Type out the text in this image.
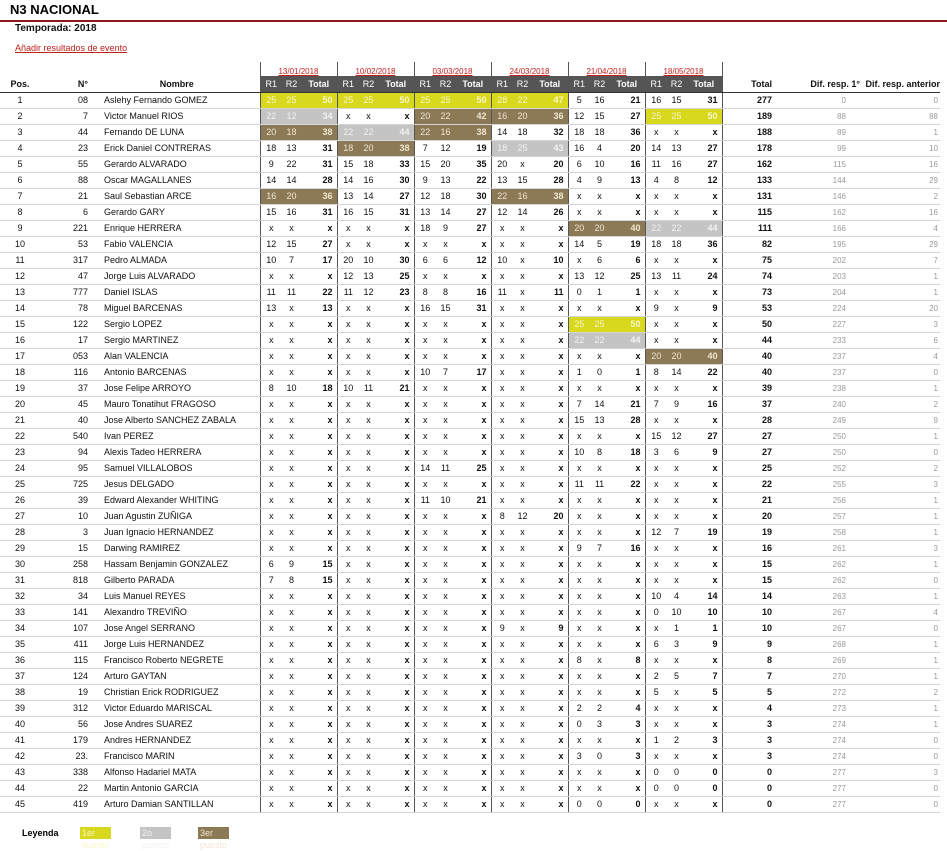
N3 NACIONAL
Temporada: 2018
Añadir resultados de evento
			13/01/2018			10/02/2018			03/03/2018			24/03/2018			21/04/2018			18/05/2018					
Pos.	N°	Nombre	R1	R2	Total	R1	R2	Total	R1	R2	Total	R1	R2	Total	R1	R2	Total	R1	R2	Total	Total	Dif. resp. 1°	Dif. resp. anterior
1	08	Aslehy Fernando GOMEZ	25	25	50	25	25	50	25	25	50	28	22	47	5	16	21	16	15	31	277	0	0
2	7	Victor Manuel RIOS	22	12	34	x	x	x	20	22	42	16	20	36	12	15	27	25	25	50	189	88	88
3	44	Fernando DE LUNA	20	18	38	22	22	44	22	16	38	14	18	32	18	18	36	x	x	x	188	89	1
4	23	Erick Daniel CONTRERAS	18	13	31	18	20	38	7	12	19	18	25	43	16	4	20	14	13	27	178	99	10
5	55	Gerardo ALVARADO	9	22	31	15	18	33	15	20	35	20	x	20	6	10	16	11	16	27	162	115	16
6	88	Oscar MAGALLANES	14	14	28	14	16	30	9	13	22	13	15	28	4	9	13	4	8	12	133	144	29
7	21	Saul Sebastian ARCE	16	20	36	13	14	27	12	18	30	22	16	38	x	x	x	x	x	x	131	146	2
8	6	Gerardo GARY	15	16	31	16	15	31	13	14	27	12	14	26	x	x	x	x	x	x	115	162	16
9	221	Enrique HERRERA	x	x	x	x	x	x	18	9	27	x	x	x	20	20	40	22	22	44	111	166	4
10	53	Fabio VALENCIA	12	15	27	x	x	x	x	x	x	x	x	x	14	5	19	18	18	36	82	195	29
11	317	Pedro ALMADA	10	7	17	20	10	30	6	6	12	10	x	10	x	6	6	x	x	x	75	202	7
12	47	Jorge Luis ALVARADO	x	x	x	12	13	25	x	x	x	x	x	x	13	12	25	13	11	24	74	203	1
13	777	Daniel ISLAS	11	11	22	11	12	23	8	8	16	11	x	11	0	1	1	x	x	x	73	204	1
14	78	Miguel BARCENAS	13	x	13	x	x	x	16	15	31	x	x	x	x	x	x	9	x	9	53	224	20
15	122	Sergio LOPEZ	x	x	x	x	x	x	x	x	x	x	x	x	25	25	50	x	x	x	50	227	3
16	17	Sergio MARTINEZ	x	x	x	x	x	x	x	x	x	x	x	x	22	22	44	x	x	x	44	233	6
17	053	Alan VALENCIA	x	x	x	x	x	x	x	x	x	x	x	x	x	x	x	20	20	40	40	237	4
18	116	Antonio BARCENAS	x	x	x	x	x	x	10	7	17	x	x	x	1	0	1	8	14	22	40	237	0
19	37	Jose Felipe ARROYO	8	10	18	10	11	21	x	x	x	x	x	x	x	x	x	x	x	x	39	238	1
20	45	Mauro Tonatihut FRAGOSO	x	x	x	x	x	x	x	x	x	x	x	x	7	14	21	7	9	16	37	240	2
21	40	Jose Alberto SANCHEZ ZABALA	x	x	x	x	x	x	x	x	x	x	x	x	15	13	28	x	x	x	28	249	9
22	540	Ivan PEREZ	x	x	x	x	x	x	x	x	x	x	x	x	x	x	x	15	12	27	27	250	1
23	94	Alexis Tadeo HERRERA	x	x	x	x	x	x	x	x	x	x	x	x	10	8	18	3	6	9	27	250	0
24	95	Samuel VILLALOBOS	x	x	x	x	x	x	14	11	25	x	x	x	x	x	x	x	x	x	25	252	2
25	725	Jesus DELGADO	x	x	x	x	x	x	x	x	x	x	x	x	11	11	22	x	x	x	22	255	3
26	39	Edward Alexander WHITING	x	x	x	x	x	x	11	10	21	x	x	x	x	x	x	x	x	x	21	256	1
27	10	Juan Agustin ZUÑIGA	x	x	x	x	x	x	x	x	x	8	12	20	x	x	x	x	x	x	20	257	1
28	3	Juan Ignacio HERNANDEZ	x	x	x	x	x	x	x	x	x	x	x	x	x	x	x	12	7	19	19	258	1
29	15	Darwing RAMIREZ	x	x	x	x	x	x	x	x	x	x	x	x	9	7	16	x	x	x	16	261	3
30	258	Hassam Benjamin GONZALEZ	6	9	15	x	x	x	x	x	x	x	x	x	x	x	x	x	x	x	15	262	1
31	818	Gilberto PARADA	7	8	15	x	x	x	x	x	x	x	x	x	x	x	x	x	x	x	15	262	0
32	34	Luis Manuel REYES	x	x	x	x	x	x	x	x	x	x	x	x	x	x	x	10	4	14	14	263	1
33	141	Alexandro TREVIÑO	x	x	x	x	x	x	x	x	x	x	x	x	x	x	x	0	10	10	10	267	4
34	107	Jose Angel SERRANO	x	x	x	x	x	x	x	x	x	9	x	9	x	x	x	x	1	1	10	267	0
35	411	Jorge Luis HERNANDEZ	x	x	x	x	x	x	x	x	x	x	x	x	x	x	x	6	3	9	9	268	1
36	115	Francisco Roberto NEGRETE	x	x	x	x	x	x	x	x	x	x	x	x	8	x	8	x	x	x	8	269	1
37	124	Arturo GAYTAN	x	x	x	x	x	x	x	x	x	x	x	x	x	x	x	2	5	7	7	270	1
38	19	Christian Erick RODRIGUEZ	x	x	x	x	x	x	x	x	x	x	x	x	x	x	x	5	x	5	5	272	2
39	312	Victor Eduardo MARISCAL	x	x	x	x	x	x	x	x	x	x	x	x	2	2	4	x	x	x	4	273	1
40	56	Jose Andres SUAREZ	x	x	x	x	x	x	x	x	x	x	x	x	0	3	3	x	x	x	3	274	1
41	179	Andres HERNANDEZ	x	x	x	x	x	x	x	x	x	x	x	x	x	x	x	1	2	3	3	274	0
42	23.	Francisco MARIN	x	x	x	x	x	x	x	x	x	x	x	x	3	0	3	x	x	x	3	274	0
43	338	Alfonso Hadariel MATA	x	x	x	x	x	x	x	x	x	x	x	x	x	x	x	0	0	0	0	277	3
44	22	Martin Antonio GARCIA	x	x	x	x	x	x	x	x	x	x	x	x	x	x	x	0	0	0	0	277	0
45	419	Arturo Damian SANTILLAN	x	x	x	x	x	x	x	x	x	x	x	x	0	0	0	x	x	x	0	277	0
Leyenda	1er puesto
2o puesto
3er puesto
